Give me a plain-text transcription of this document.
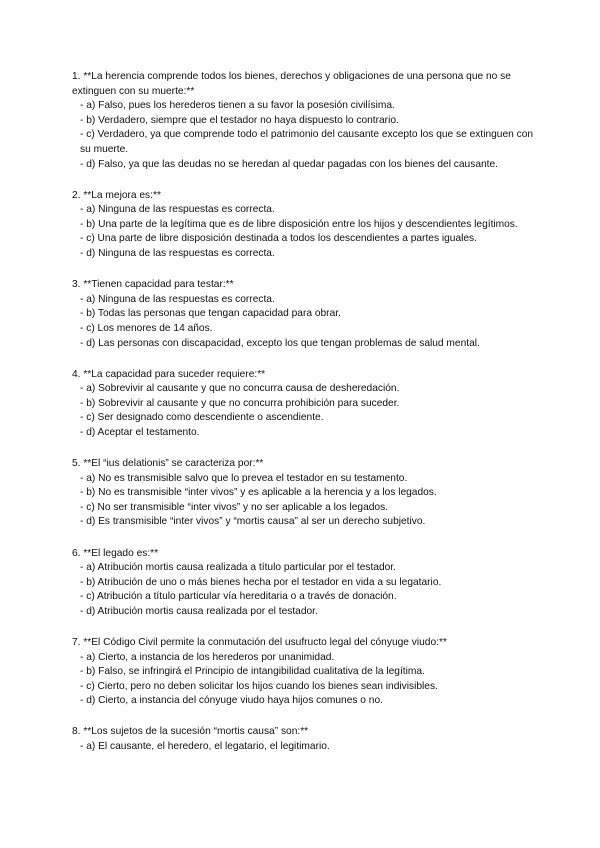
1. **La herencia comprende todos los bienes, derechos y obligaciones de una persona que no se extinguen con su muerte:**
- a) Falso, pues los herederos tienen a su favor la posesión civilísima.
- b) Verdadero, siempre que el testador no haya dispuesto lo contrario.
- c) Verdadero, ya que comprende todo el patrimonio del causante excepto los que se extinguen con su muerte.
- d) Falso, ya que las deudas no se heredan al quedar pagadas con los bienes del causante.
2. **La mejora es:**
- a) Ninguna de las respuestas es correcta.
- b) Una parte de la legítima que es de libre disposición entre los hijos y descendientes legítimos.
- c) Una parte de libre disposición destinada a todos los descendientes a partes iguales.
- d) Ninguna de las respuestas es correcta.
3. **Tienen capacidad para testar:**
- a) Ninguna de las respuestas es correcta.
- b) Todas las personas que tengan capacidad para obrar.
- c) Los menores de 14 años.
- d) Las personas con discapacidad, excepto los que tengan problemas de salud mental.
4. **La capacidad para suceder requiere:**
- a) Sobrevivir al causante y que no concurra causa de desheredación.
- b) Sobrevivir al causante y que no concurra prohibición para suceder.
- c) Ser designado como descendiente o ascendiente.
- d) Aceptar el testamento.
5. **El “ius delationis” se caracteriza por:**
- a) No es transmisible salvo que lo prevea el testador en su testamento.
- b) No es transmisible “inter vivos” y es aplicable a la herencia y a los legados.
- c) No ser transmisible “inter vivos” y no ser aplicable a los legados.
- d) Es transmisible “inter vivos” y “mortis causa” al ser un derecho subjetivo.
6. **El legado es:**
- a) Atribución mortis causa realizada a título particular por el testador.
- b) Atribución de uno o más bienes hecha por el testador en vida a su legatario.
- c) Atribución a título particular vía hereditaria o a través de donación.
- d) Atribución mortis causa realizada por el testador.
7. **El Código Civil permite la conmutación del usufructo legal del cónyuge viudo:**
- a) Cierto, a instancia de los herederos por unanimidad.
- b) Falso, se infringirá el Principio de intangibilidad cualitativa de la legítima.
- c) Cierto, pero no deben solicitar los hijos cuando los bienes sean indivisibles.
- d) Cierto, a instancia del cónyuge viudo haya hijos comunes o no.
8. **Los sujetos de la sucesión “mortis causa” son:**
- a) El causante, el heredero, el legatario, el legitimario.
